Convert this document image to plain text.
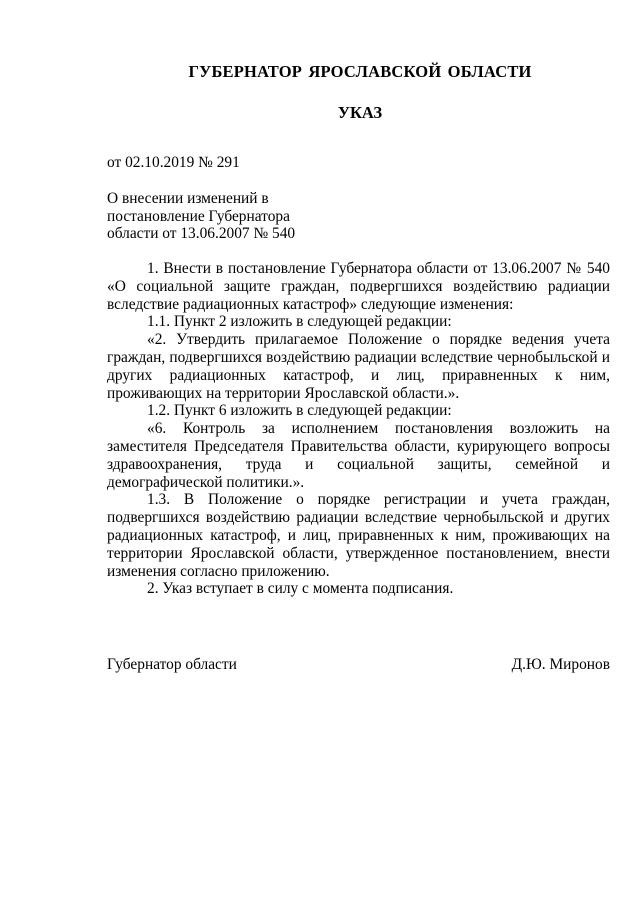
ГУБЕРНАТОР ЯРОСЛАВСКОЙ ОБЛАСТИ
УКАЗ
от 02.10.2019 № 291
О внесении изменений в
постановление Губернатора
области от 13.06.2007 № 540

1. Внести в постановление Губернатора области от 13.06.2007 № 540 «О социальной защите граждан, подвергшихся воздействию радиации вследствие радиационных катастроф» следующие изменения:

1.1. Пункт 2 изложить в следующей редакции:

«2. Утвердить прилагаемое Положение о порядке ведения учета граждан, подвергшихся воздействию радиации вследствие чернобыльской и других радиационных катастроф, и лиц, приравненных к ним, проживающих на территории Ярославской области.».

1.2. Пункт 6 изложить в следующей редакции:

«6. Контроль за исполнением постановления возложить на заместителя Председателя Правительства области, курирующего вопросы здравоохранения, труда и социальной защиты, семейной и демографической политики.».

1.3. В Положение о порядке регистрации и учета граждан, подвергшихся воздействию радиации вследствие чернобыльской и других радиационных катастроф, и лиц, приравненных к ним, проживающих на территории Ярославской области, утвержденное постановлением, внести изменения согласно приложению.

2. Указ вступает в силу с момента подписания.

Губернатор области	Д.Ю. Миронов
